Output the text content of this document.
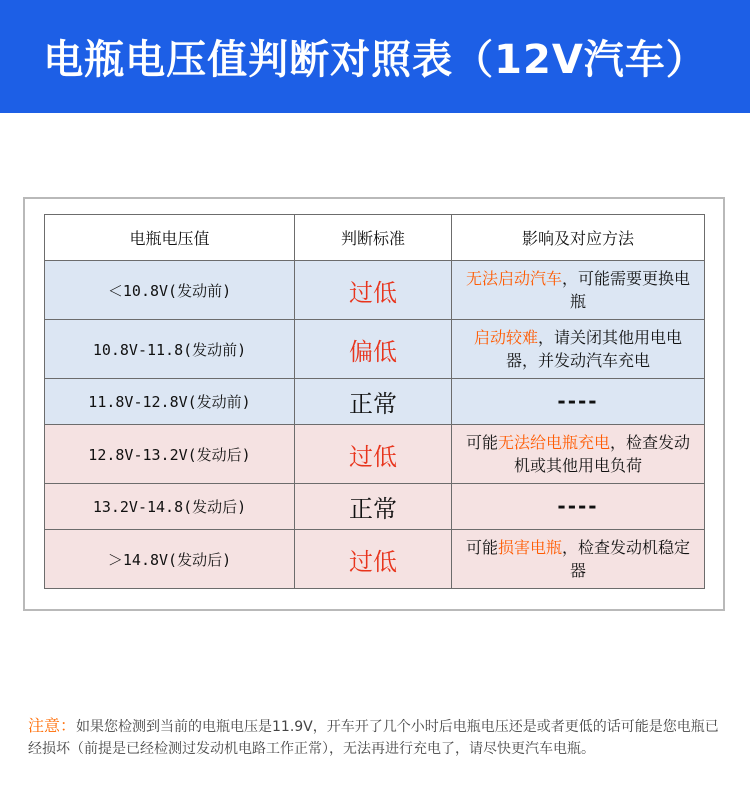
电瓶电压值判断对照表（12V汽车）
电瓶电压值	判断标准	影响及对应方法
＜10.8V(发动前)	过低	无法启动汽车，可能需要更换电瓶
10.8V-11.8(发动前)	偏低	启动较难，请关闭其他用电电器，并发动汽车充电
11.8V-12.8V(发动前)	正常	----
12.8V-13.2V(发动后)	过低	可能无法给电瓶充电，检查发动机或其他用电负荷
13.2V-14.8(发动后)	正常	----
＞14.8V(发动后)	过低	可能损害电瓶，检查发动机稳定器
注意：如果您检测到当前的电瓶电压是11.9V，开车开了几个小时后电瓶电压还是或者更低的话可能是您电瓶已经损坏（前提是已经检测过发动机电路工作正常），无法再进行充电了，请尽快更汽车电瓶。
